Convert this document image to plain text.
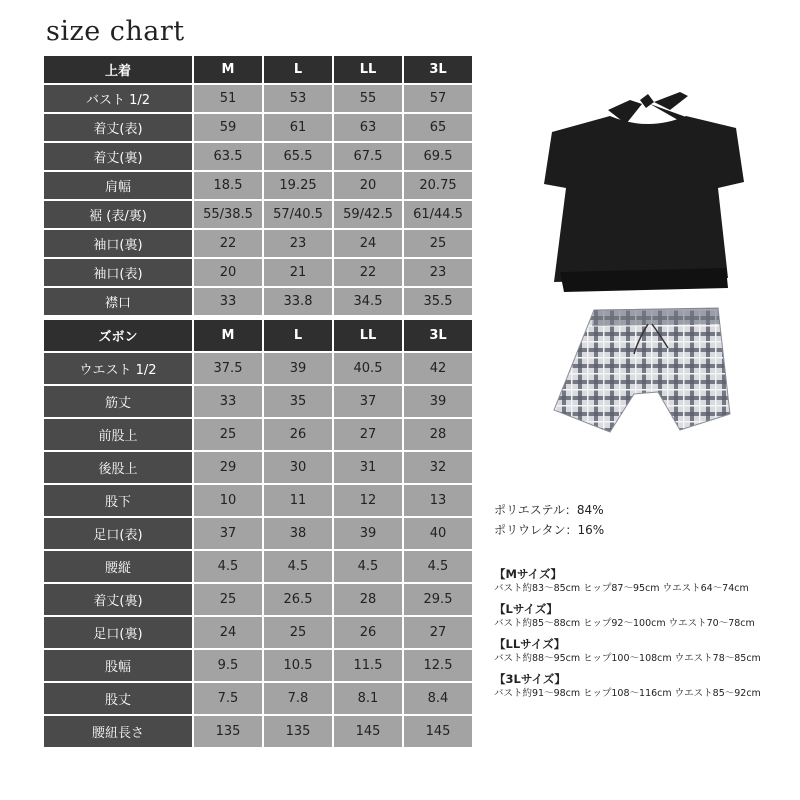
size chart
上着	M	L	LL	3L
バスト 1/2	51	53	55	57
着丈(表)	59	61	63	65
着丈(裏)	63.5	65.5	67.5	69.5
肩幅	18.5	19.25	20	20.75
裾 (表/裏)	55/38.5	57/40.5	59/42.5	61/44.5
袖口(裏)	22	23	24	25
袖口(表)	20	21	22	23
襟口	33	33.8	34.5	35.5
ズボン	M	L	LL	3L
ウエスト 1/2	37.5	39	40.5	42
筋丈	33	35	37	39
前股上	25	26	27	28
後股上	29	30	31	32
股下	10	11	12	13
足口(表)	37	38	39	40
腰縦	4.5	4.5	4.5	4.5
着丈(裏)	25	26.5	28	29.5
足口(裏)	24	25	26	27
股幅	9.5	10.5	11.5	12.5
股丈	7.5	7.8	8.1	8.4
腰紐長さ	135	135	145	145
ポリエステル：84%
ポリウレタン：16%
【Mサイズ】
バスト約83～85cm ヒップ87～95cm ウエスト64～74cm
【Lサイズ】
バスト約85～88cm ヒップ92～100cm ウエスト70～78cm
【LLサイズ】
バスト約88～95cm ヒップ100～108cm ウエスト78～85cm
【3Lサイズ】
バスト約91～98cm ヒップ108～116cm ウエスト85～92cm
